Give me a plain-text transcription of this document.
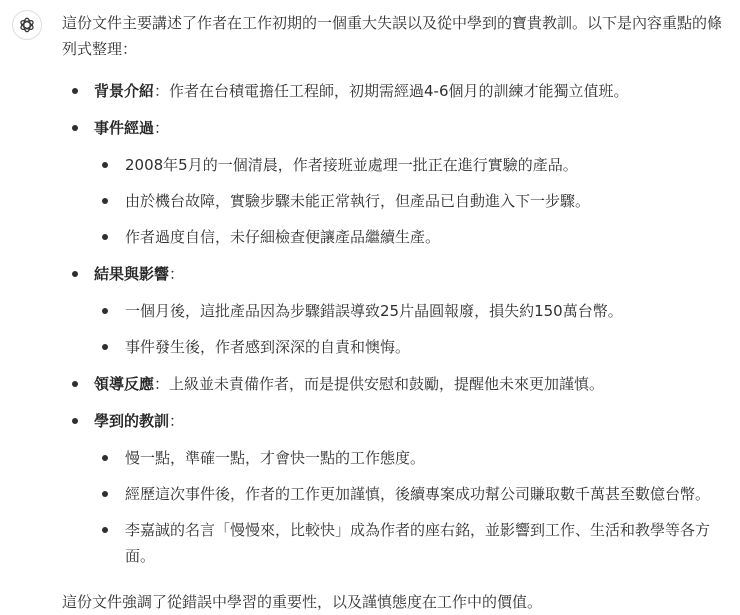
這份文件主要講述了作者在工作初期的一個重大失誤以及從中學到的寶貴教訓。以下是內容重點的條列式整理：

背景介紹：作者在台積電擔任工程師，初期需經過4-6個月的訓練才能獨立值班。
事件經過：
2008年5月的一個清晨，作者接班並處理一批正在進行實驗的產品。
由於機台故障，實驗步驟未能正常執行，但產品已自動進入下一步驟。
作者過度自信，未仔細檢查便讓產品繼續生產。
結果與影響：
一個月後，這批產品因為步驟錯誤導致25片晶圓報廢，損失約150萬台幣。
事件發生後，作者感到深深的自責和懊悔。
領導反應：上級並未責備作者，而是提供安慰和鼓勵，提醒他未來更加謹慎。
學到的教訓：
慢一點，準確一點，才會快一點的工作態度。
經歷這次事件後，作者的工作更加謹慎，後續專案成功幫公司賺取數千萬甚至數億台幣。
李嘉誠的名言「慢慢來，比較快」成為作者的座右銘，並影響到工作、生活和教學等各方面。

這份文件強調了從錯誤中學習的重要性，以及謹慎態度在工作中的價值。
